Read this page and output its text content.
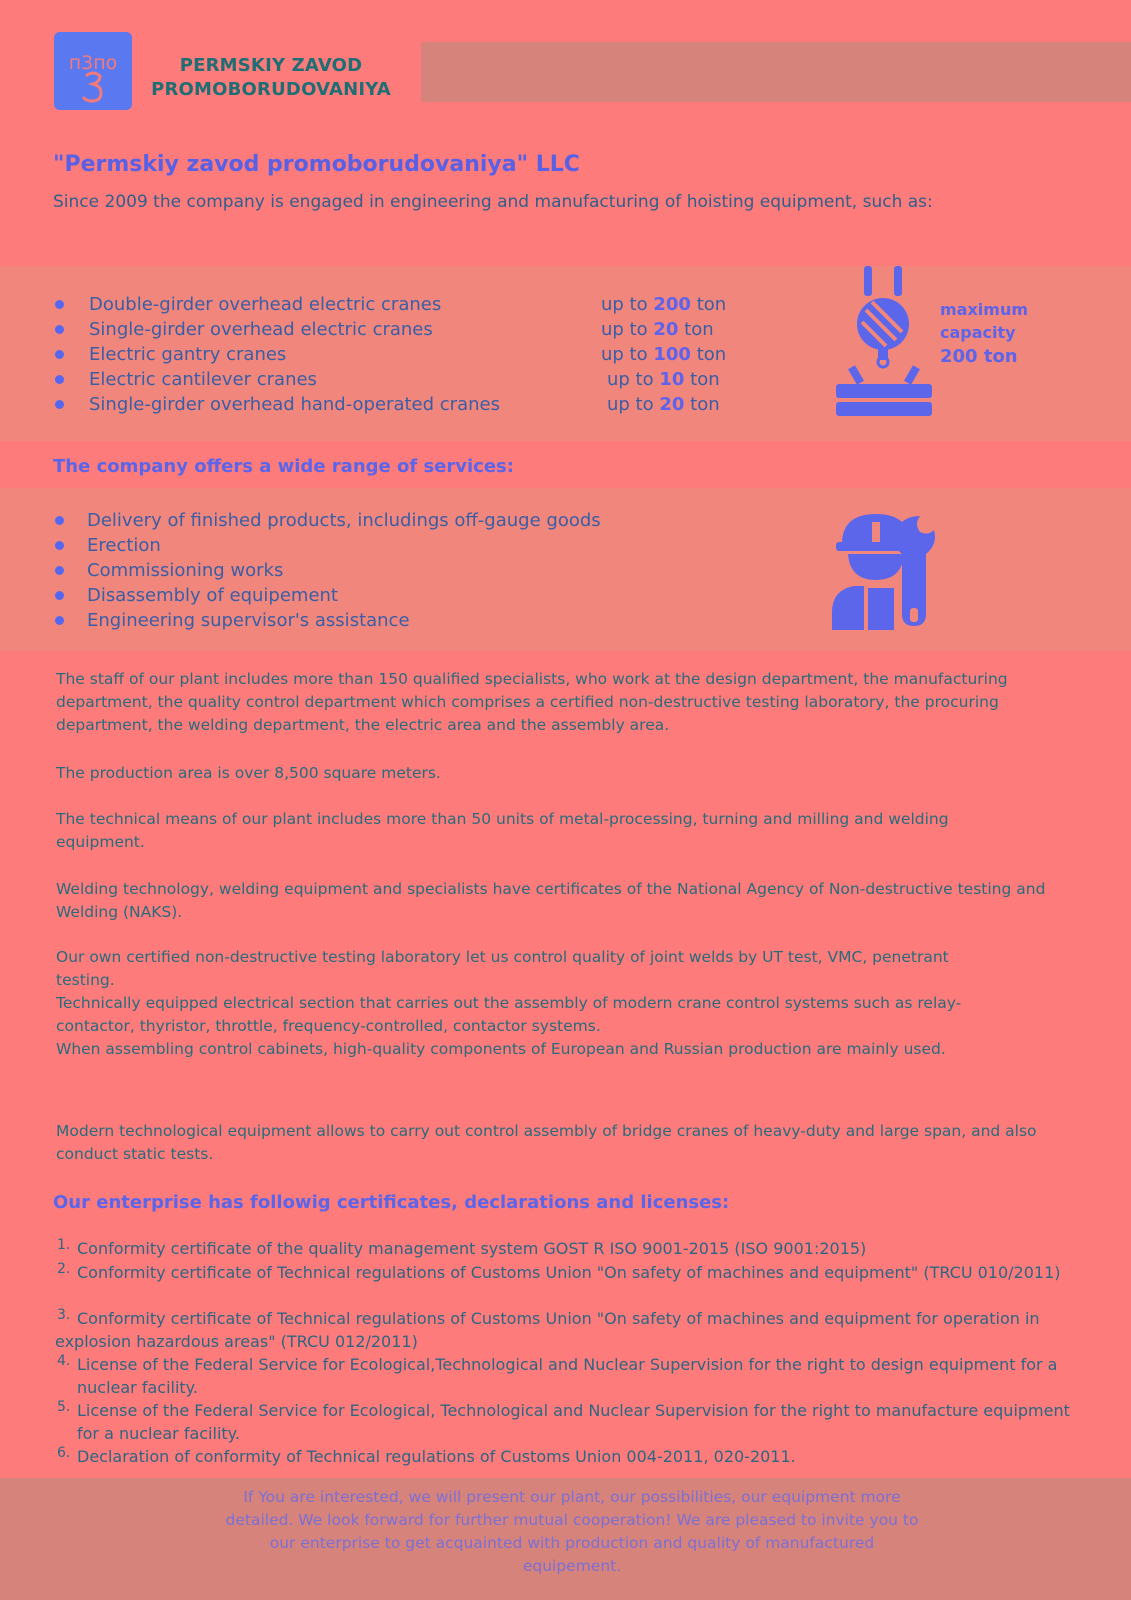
п3по	PERMSKIY ZAVOD
PROMOBORUDOVANIYA
"Permskiy zavod promoborudovaniya" LLC
Since 2009 the company is engaged in engineering and manufacturing of hoisting equipment, such as:
Double-girder overhead electric cranes	up to 200 ton
Single-girder overhead electric cranes	up to 20 ton
Electric gantry cranes	up to 100 ton
Electric cantilever cranes	up to 10 ton
Single-girder overhead hand-operated cranes	up to 20 ton
maximum
capacity
200 ton
The company offers a wide range of services:
Delivery of finished products, includings off-gauge goods
Erection
Commissioning works
Disassembly of equipement
Engineering supervisor's assistance

The staff of our plant includes more than 150 qualified specialists, who work at the design department, the manufacturing department, the quality control department which comprises a certified non-destructive testing laboratory, the procuring department, the welding department, the electric area and the assembly area.

The production area is over 8,500 square meters.

The technical means of our plant includes more than 50 units of metal-processing, turning and milling and welding equipment.

Welding technology, welding equipment and specialists have certificates of the National Agency of Non-destructive testing and Welding (NAKS).

Our own certified non-destructive testing laboratory let us control quality of joint welds by UT test, VMC, penetrant testing.

Technically equipped electrical section that carries out the assembly of modern crane control systems such as relay-contactor, thyristor, throttle, frequency-controlled, contactor systems.

When assembling control cabinets, high-quality components of European and Russian production are mainly used.

Modern technological equipment allows to carry out control assembly of bridge cranes of heavy-duty and large span, and also conduct static tests.

Our enterprise has followig certificates, declarations and licenses:
1. Conformity certificate of the quality management system GOST R ISO 9001-2015 (ISO 9001:2015)
2. Conformity certificate of Technical regulations of Customs Union "On safety of machines and equipment" (TRCU 010/2011)
3. Conformity certificate of Technical regulations of Customs Union "On safety of machines and equipment for operation in explosion hazardous areas" (TRCU 012/2011)
4. License of the Federal Service for Ecological,Technological and Nuclear Supervision for the right to design equipment for a nuclear facility.
5. License of the Federal Service for Ecological, Technological and Nuclear Supervision for the right to manufacture equipment for a nuclear facility.
6. Declaration of conformity of Technical regulations of Customs Union 004-2011, 020-2011.

If You are interested, we will present our plant, our possibilities, our equipment more detailed. We look forward for further mutual cooperation! We are pleased to invite you to our enterprise to get acquainted with production and quality of manufactured equipement.
